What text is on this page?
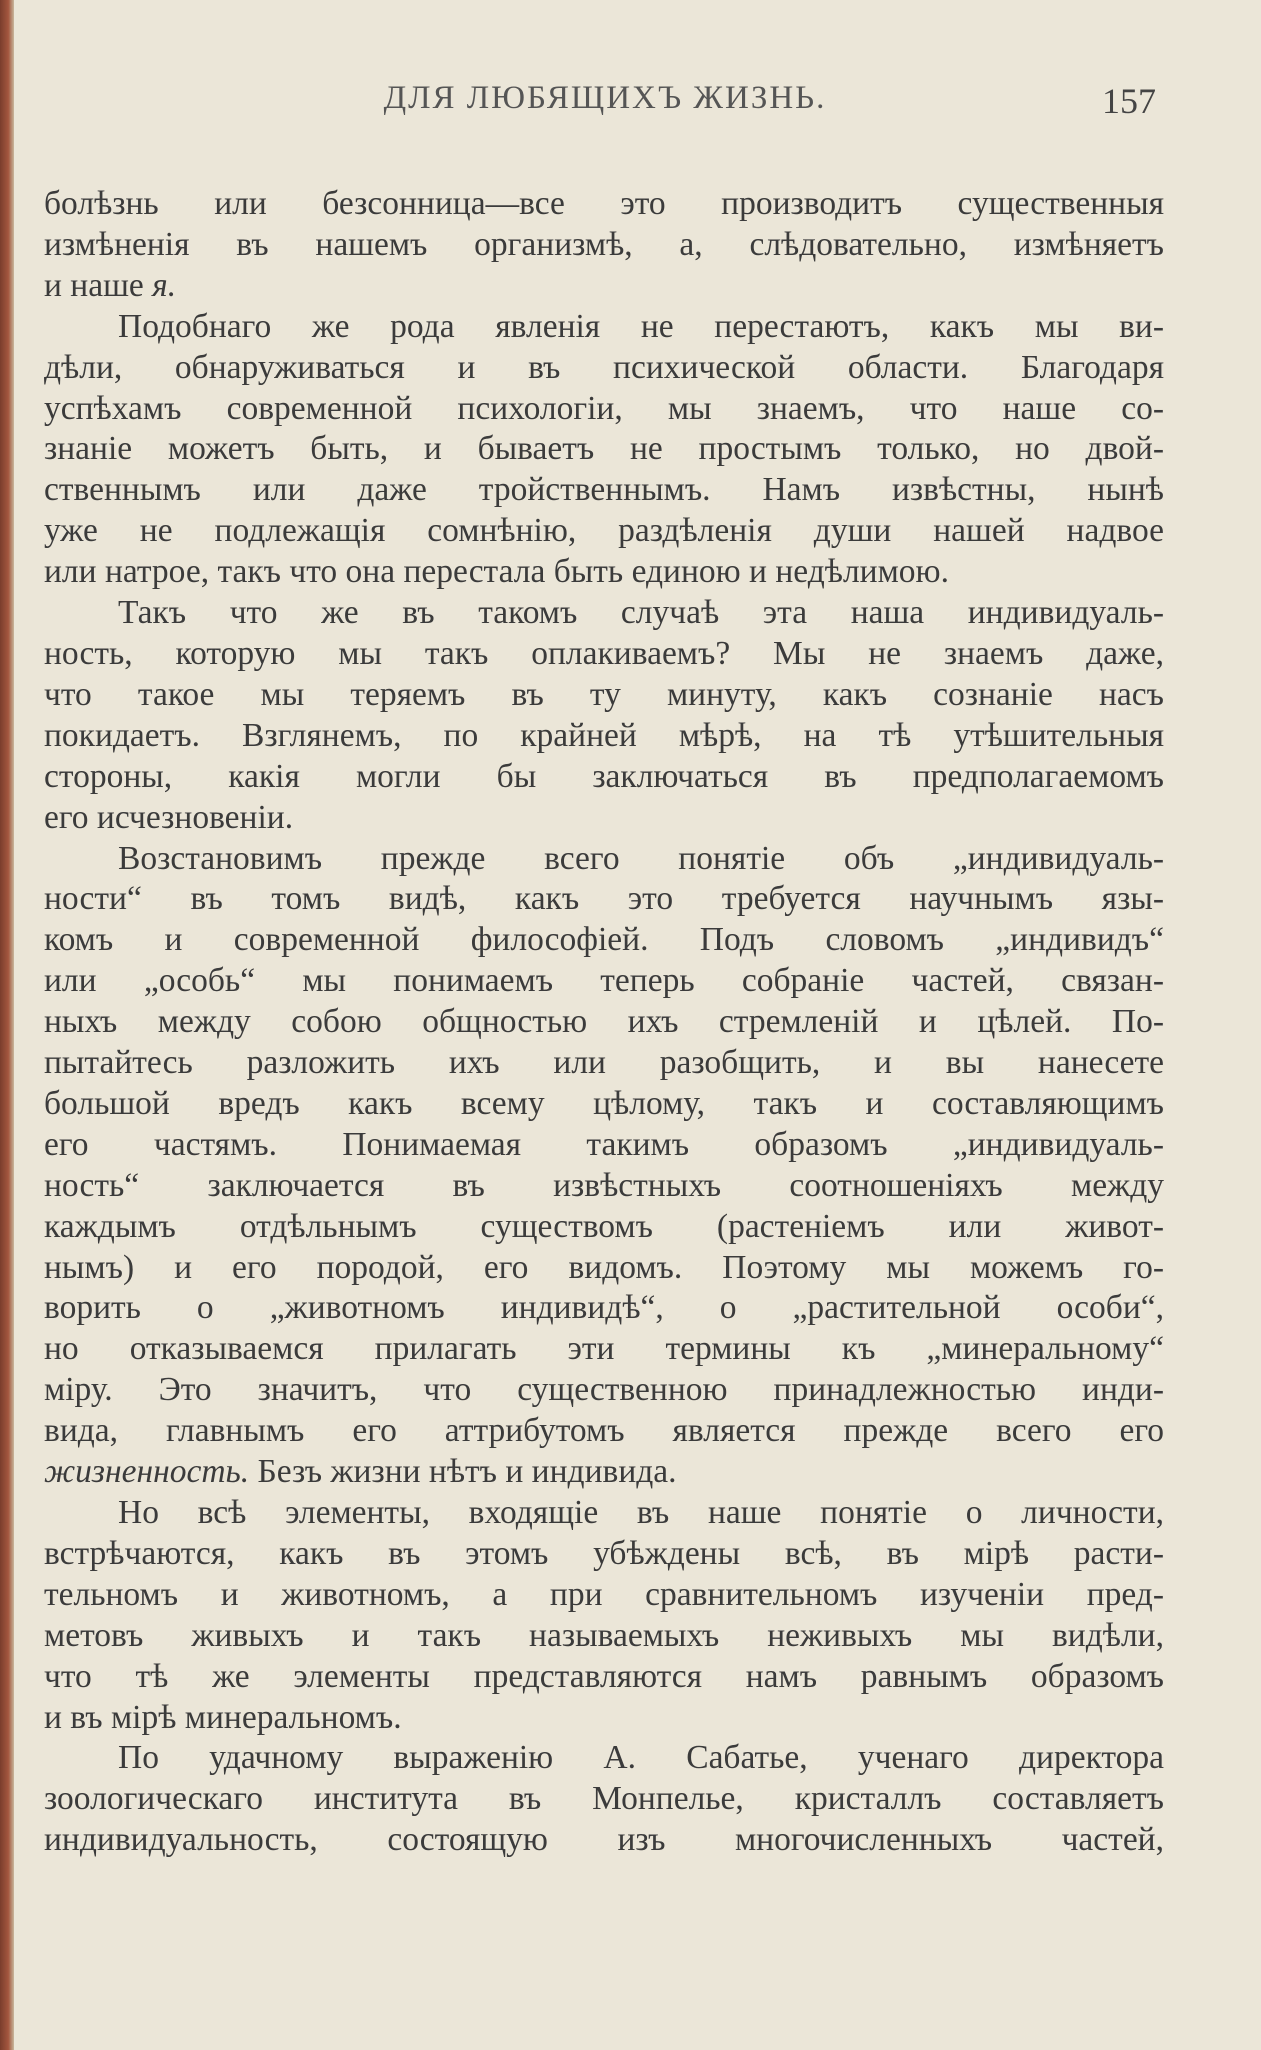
ДЛЯ ЛЮБЯЩИХЪ ЖИЗНЬ.	157
болѣзнь или безсонница—все это производитъ существенныя
измѣненія въ нашемъ организмѣ, а, слѣдовательно, измѣняетъ
и наше я.
Подобнаго же рода явленія не перестаютъ, какъ мы ви-
дѣли, обнаруживаться и въ психической области. Благодаря
успѣхамъ современной психологіи, мы знаемъ, что наше со-
знаніе можетъ быть, и бываетъ не простымъ только, но двой-
ственнымъ или даже тройственнымъ. Намъ извѣстны, нынѣ
уже не подлежащія сомнѣнію, раздѣленія души нашей надвое
или натрое, такъ что она перестала быть единою и недѣлимою.
Такъ что же въ такомъ случаѣ эта наша индивидуаль-
ность, которую мы такъ оплакиваемъ? Мы не знаемъ даже,
что такое мы теряемъ въ ту минуту, какъ сознаніе насъ
покидаетъ. Взглянемъ, по крайней мѣрѣ, на тѣ утѣшительныя
стороны, какія могли бы заключаться въ предполагаемомъ
его исчезновеніи.
Возстановимъ прежде всего понятіе объ „индивидуаль-
ности“ въ томъ видѣ, какъ это требуется научнымъ язы-
комъ и современной философіей. Подъ словомъ „индивидъ“
или „особь“ мы понимаемъ теперь собраніе частей, связан-
ныхъ между собою общностью ихъ стремленій и цѣлей. По-
пытайтесь разложить ихъ или разобщить, и вы нанесете
большой вредъ какъ всему цѣлому, такъ и составляющимъ
его частямъ. Понимаемая такимъ образомъ „индивидуаль-
ность“ заключается въ извѣстныхъ соотношеніяхъ между
каждымъ отдѣльнымъ существомъ (растеніемъ или живот-
нымъ) и его породой, его видомъ. Поэтому мы можемъ го-
ворить о „животномъ индивидѣ“, о „растительной особи“,
но отказываемся прилагать эти термины къ „минеральному“
міру. Это значитъ, что существенною принадлежностью инди-
вида, главнымъ его аттрибутомъ является прежде всего его
жизненность. Безъ жизни нѣтъ и индивида.
Но всѣ элементы, входящіе въ наше понятіе о личности,
встрѣчаются, какъ въ этомъ убѣждены всѣ, въ мірѣ расти-
тельномъ и животномъ, а при сравнительномъ изученіи пред-
метовъ живыхъ и такъ называемыхъ неживыхъ мы видѣли,
что тѣ же элементы представляются намъ равнымъ образомъ
и въ мірѣ минеральномъ.
По удачному выраженію А. Сабатье, ученаго директора
зоологическаго института въ Монпелье, кристаллъ составляетъ
индивидуальность, состоящую изъ многочисленныхъ частей,
